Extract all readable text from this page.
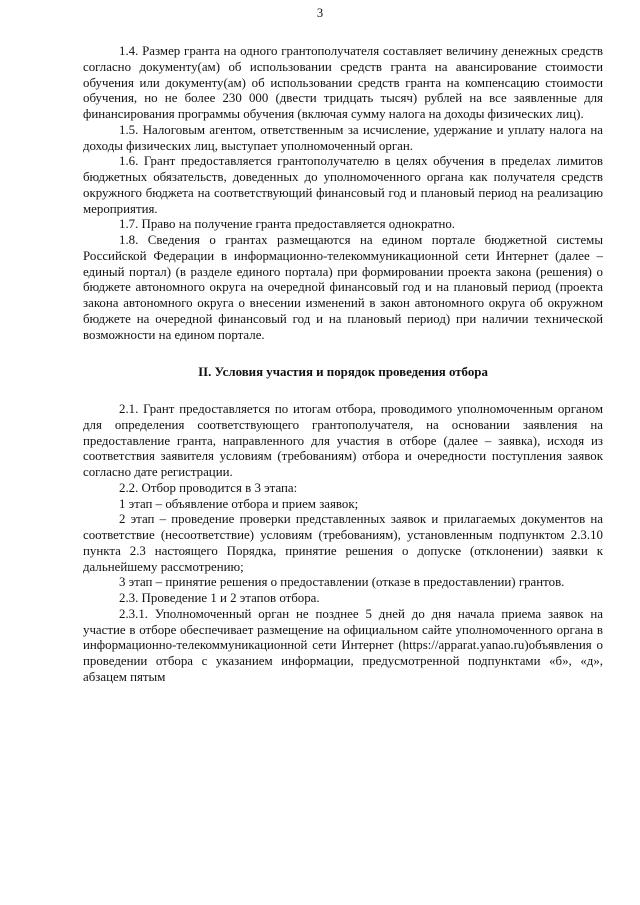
3

1.4. Размер гранта на одного грантополучателя составляет величину денежных средств согласно документу(ам) об использовании средств гранта на авансирование стоимости обучения или документу(ам) об использовании средств гранта на компенсацию стоимости обучения, но не более 230 000 (двести тридцать тысяч) рублей на все заявленные для финансирования программы обучения (включая сумму налога на доходы физических лиц).

1.5. Налоговым агентом, ответственным за исчисление, удержание и уплату налога на доходы физических лиц, выступает уполномоченный орган.

1.6. Грант предоставляется грантополучателю в целях обучения в пределах лимитов бюджетных обязательств, доведенных до уполномоченного органа как получателя средств окружного бюджета на соответствующий финансовый год и плановый период на реализацию мероприятия.

1.7. Право на получение гранта предоставляется однократно.

1.8. Сведения о грантах размещаются на едином портале бюджетной системы Российской Федерации в информационно-телекоммуникационной сети Интернет (далее – единый портал) (в разделе единого портала) при формировании проекта закона (решения) о бюджете автономного округа на очередной финансовый год и на плановый период (проекта закона автономного округа о внесении изменений в закон автономного округа об окружном бюджете на очередной финансовый год и на плановый период) при наличии технической возможности на едином портале.

II. Условия участия и порядок проведения отбора

2.1. Грант предоставляется по итогам отбора, проводимого уполномоченным органом для определения соответствующего грантополучателя, на основании заявления на предоставление гранта, направленного для участия в отборе (далее – заявка), исходя из соответствия заявителя условиям (требованиям) отбора и очередности поступления заявок согласно дате регистрации.

2.2. Отбор проводится в 3 этапа:

1 этап – объявление отбора и прием заявок;

2 этап – проведение проверки представленных заявок и прилагаемых документов на соответствие (несоответствие) условиям (требованиям), установленным подпунктом 2.3.10 пункта 2.3 настоящего Порядка, принятие решения о допуске (отклонении) заявки к дальнейшему рассмотрению;

3 этап – принятие решения о предоставлении (отказе в предоставлении) грантов.

2.3. Проведение 1 и 2 этапов отбора.

2.3.1. Уполномоченный орган не позднее 5 дней до дня начала приема заявок на участие в отборе обеспечивает размещение на официальном сайте уполномоченного органа в информационно-телекоммуникационной сети Интернет (https://apparat.yanao.ru)объявления о проведении отбора с указанием информации, предусмотренной подпунктами «б», «д», абзацем пятым
